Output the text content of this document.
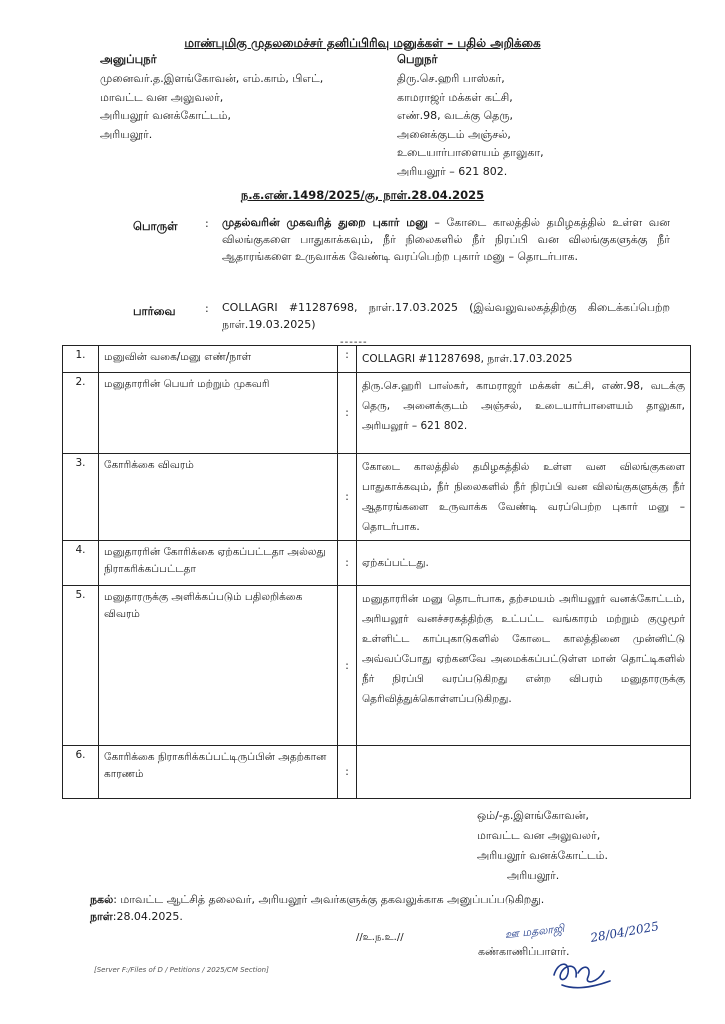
மாண்புமிகு முதலமைச்சர் தனிப்பிரிவு மனுக்கள் – பதில் அறிக்கை
அனுப்புநர்
முனைவர்.த.இளங்கோவன், எம்.காம், பிஎட்,
மாவட்ட வன அலுவலர்,
அரியலூர் வனக்கோட்டம்,
அரியலூர்.
பெறுநர்
திரு.செ.ஹரி பாஸ்கர்,
காமராஜர் மக்கள் கட்சி,
எண்.98, வடக்கு தெரு,
அனைக்குடம் அஞ்சல்,
உடையார்பாளையம் தாலுகா,
அரியலூர் – 621 802.
ந.க.எண்.1498/2025/கு, நாள்.28.04.2025
பொருள்	:	முதல்வரின் முகவரித் துறை புகார் மனு – கோடை காலத்தில் தமிழகத்தில் உள்ள வன விலங்குகளை பாதுகாக்கவும், நீர் நிலைகளில் நீர் நிரப்பி வன விலங்குகளுக்கு நீர் ஆதாரங்களை உருவாக்க வேண்டி வரப்பெற்ற புகார் மனு – தொடர்பாக.
பார்வை	:	COLLAGRI #11287698, நாள்.17.03.2025 (இவ்வலுவலகத்திற்கு கிடைக்கப்பெற்ற நாள்.19.03.2025)
------
1.	மனுவின் வகை/மனு எண்/நாள்	:	COLLAGRI #11287698, நாள்.17.03.2025
2.	மனுதாரரின் பெயர் மற்றும் முகவரி	:	திரு.செ.ஹரி பாஸ்கர், காமராஜர் மக்கள் கட்சி, எண்.98, வடக்கு தெரு, அனைக்குடம் அஞ்சல், உடையார்பாளையம் தாலுகா, அரியலூர் – 621 802.
3.	கோரிக்கை விவரம்	:	கோடை காலத்தில் தமிழகத்தில் உள்ள வன விலங்குகளை பாதுகாக்கவும், நீர் நிலைகளில் நீர் நிரப்பி வன விலங்குகளுக்கு நீர் ஆதாரங்களை உருவாக்க வேண்டி வரப்பெற்ற புகார் மனு – தொடர்பாக.
4.	மனுதாரரின் கோரிக்கை ஏற்கப்பட்டதா அல்லது நிராகரிக்கப்பட்டதா	:	ஏற்கப்பட்டது.
5.	மனுதாரருக்கு அளிக்கப்படும் பதிலறிக்கை விவரம்	:	மனுதாரரின் மனு தொடர்பாக, தற்சமயம் அரியலூர் வனக்கோட்டம், அரியலூர் வனச்சரகத்திற்கு உட்பட்ட வங்காரம் மற்றும் குழுமூர் உள்ளிட்ட காப்புகாடுகளில் கோடை காலத்தினை முன்னிட்டு அவ்வப்போது ஏற்கனவே அமைக்கப்பட்டுள்ள மான் தொட்டிகளில் நீர் நிரப்பி வரப்படுகிறது என்ற விபரம் மனுதாரருக்கு தெரிவித்துக்கொள்ளப்படுகிறது.
6.	கோரிக்கை நிராகரிக்கப்பட்டிருப்பின் அதற்கான காரணம்	:	
ஒம்/-த.இளங்கோவன்,
மாவட்ட வன அலுவலர்,
அரியலூர் வனக்கோட்டம்.
அரியலூர்.
நகல்: மாவட்ட ஆட்சித் தலைவர், அரியலூர் அவர்களுக்கு தகவலுக்காக அனுப்பப்படுகிறது.
நாள்:28.04.2025.
//உ.ந.உ.//	ஊ மதலாஜி 28/04/2025
கண்காணிப்பாளர்.
[Server F:/Files of D / Petitions / 2025/CM Section]
